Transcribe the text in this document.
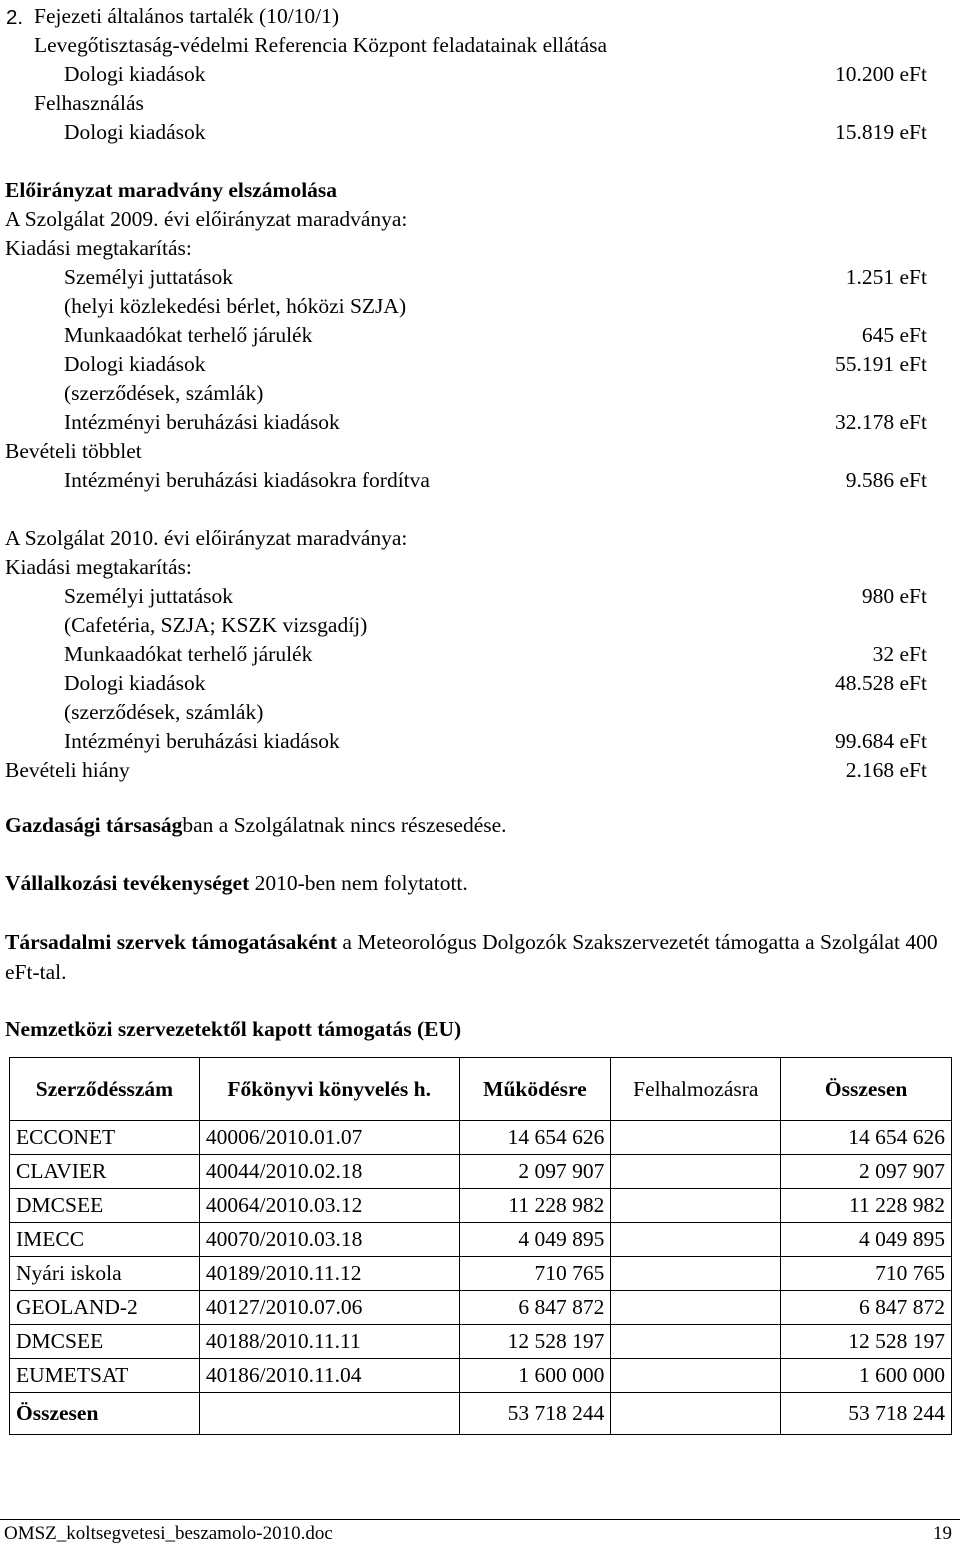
2. Fejezeti általános tartalék (10/10/1)
Levegőtisztaság-védelmi Referencia Központ feladatainak ellátása
Dologi kiadások	10.200 eFt
Felhasználás
Dologi kiadások	15.819 eFt
Előirányzat maradvány elszámolása
A Szolgálat 2009. évi előirányzat maradványa:
Kiadási megtakarítás:
Személyi juttatások	1.251 eFt
(helyi közlekedési bérlet, hóközi SZJA)
Munkaadókat terhelő járulék	645 eFt
Dologi kiadások	55.191 eFt
(szerződések, számlák)
Intézményi beruházási kiadások	32.178 eFt
Bevételi többlet
Intézményi beruházási kiadásokra fordítva	9.586 eFt
A Szolgálat 2010. évi előirányzat maradványa:
Kiadási megtakarítás:
Személyi juttatások	980 eFt
(Cafetéria, SZJA; KSZK vizsgadíj)
Munkaadókat terhelő járulék	32 eFt
Dologi kiadások	48.528 eFt
(szerződések, számlák)
Intézményi beruházási kiadások	99.684 eFt
Bevételi hiány	2.168 eFt
Gazdasági társaságban a Szolgálatnak nincs részesedése.
Vállalkozási tevékenységet 2010-ben nem folytatott.
Társadalmi szervek támogatásaként a Meteorológus Dolgozók Szakszervezetét támogatta a Szolgálat 400 eFt-tal.
Nemzetközi szervezetektől kapott támogatás (EU)
Szerződésszám	Főkönyvi könyvelés h.	Működésre	Felhalmozásra	Összesen
ECCONET	40006/2010.01.07	14 654 626		14 654 626
CLAVIER	40044/2010.02.18	2 097 907		2 097 907
DMCSEE	40064/2010.03.12	11 228 982		11 228 982
IMECC	40070/2010.03.18	4 049 895		4 049 895
Nyári iskola	40189/2010.11.12	710 765		710 765
GEOLAND-2	40127/2010.07.06	6 847 872		6 847 872
DMCSEE	40188/2010.11.11	12 528 197		12 528 197
EUMETSAT	40186/2010.11.04	1 600 000		1 600 000
Összesen		53 718 244		53 718 244
OMSZ_koltsegvetesi_beszamolo-2010.doc	19
